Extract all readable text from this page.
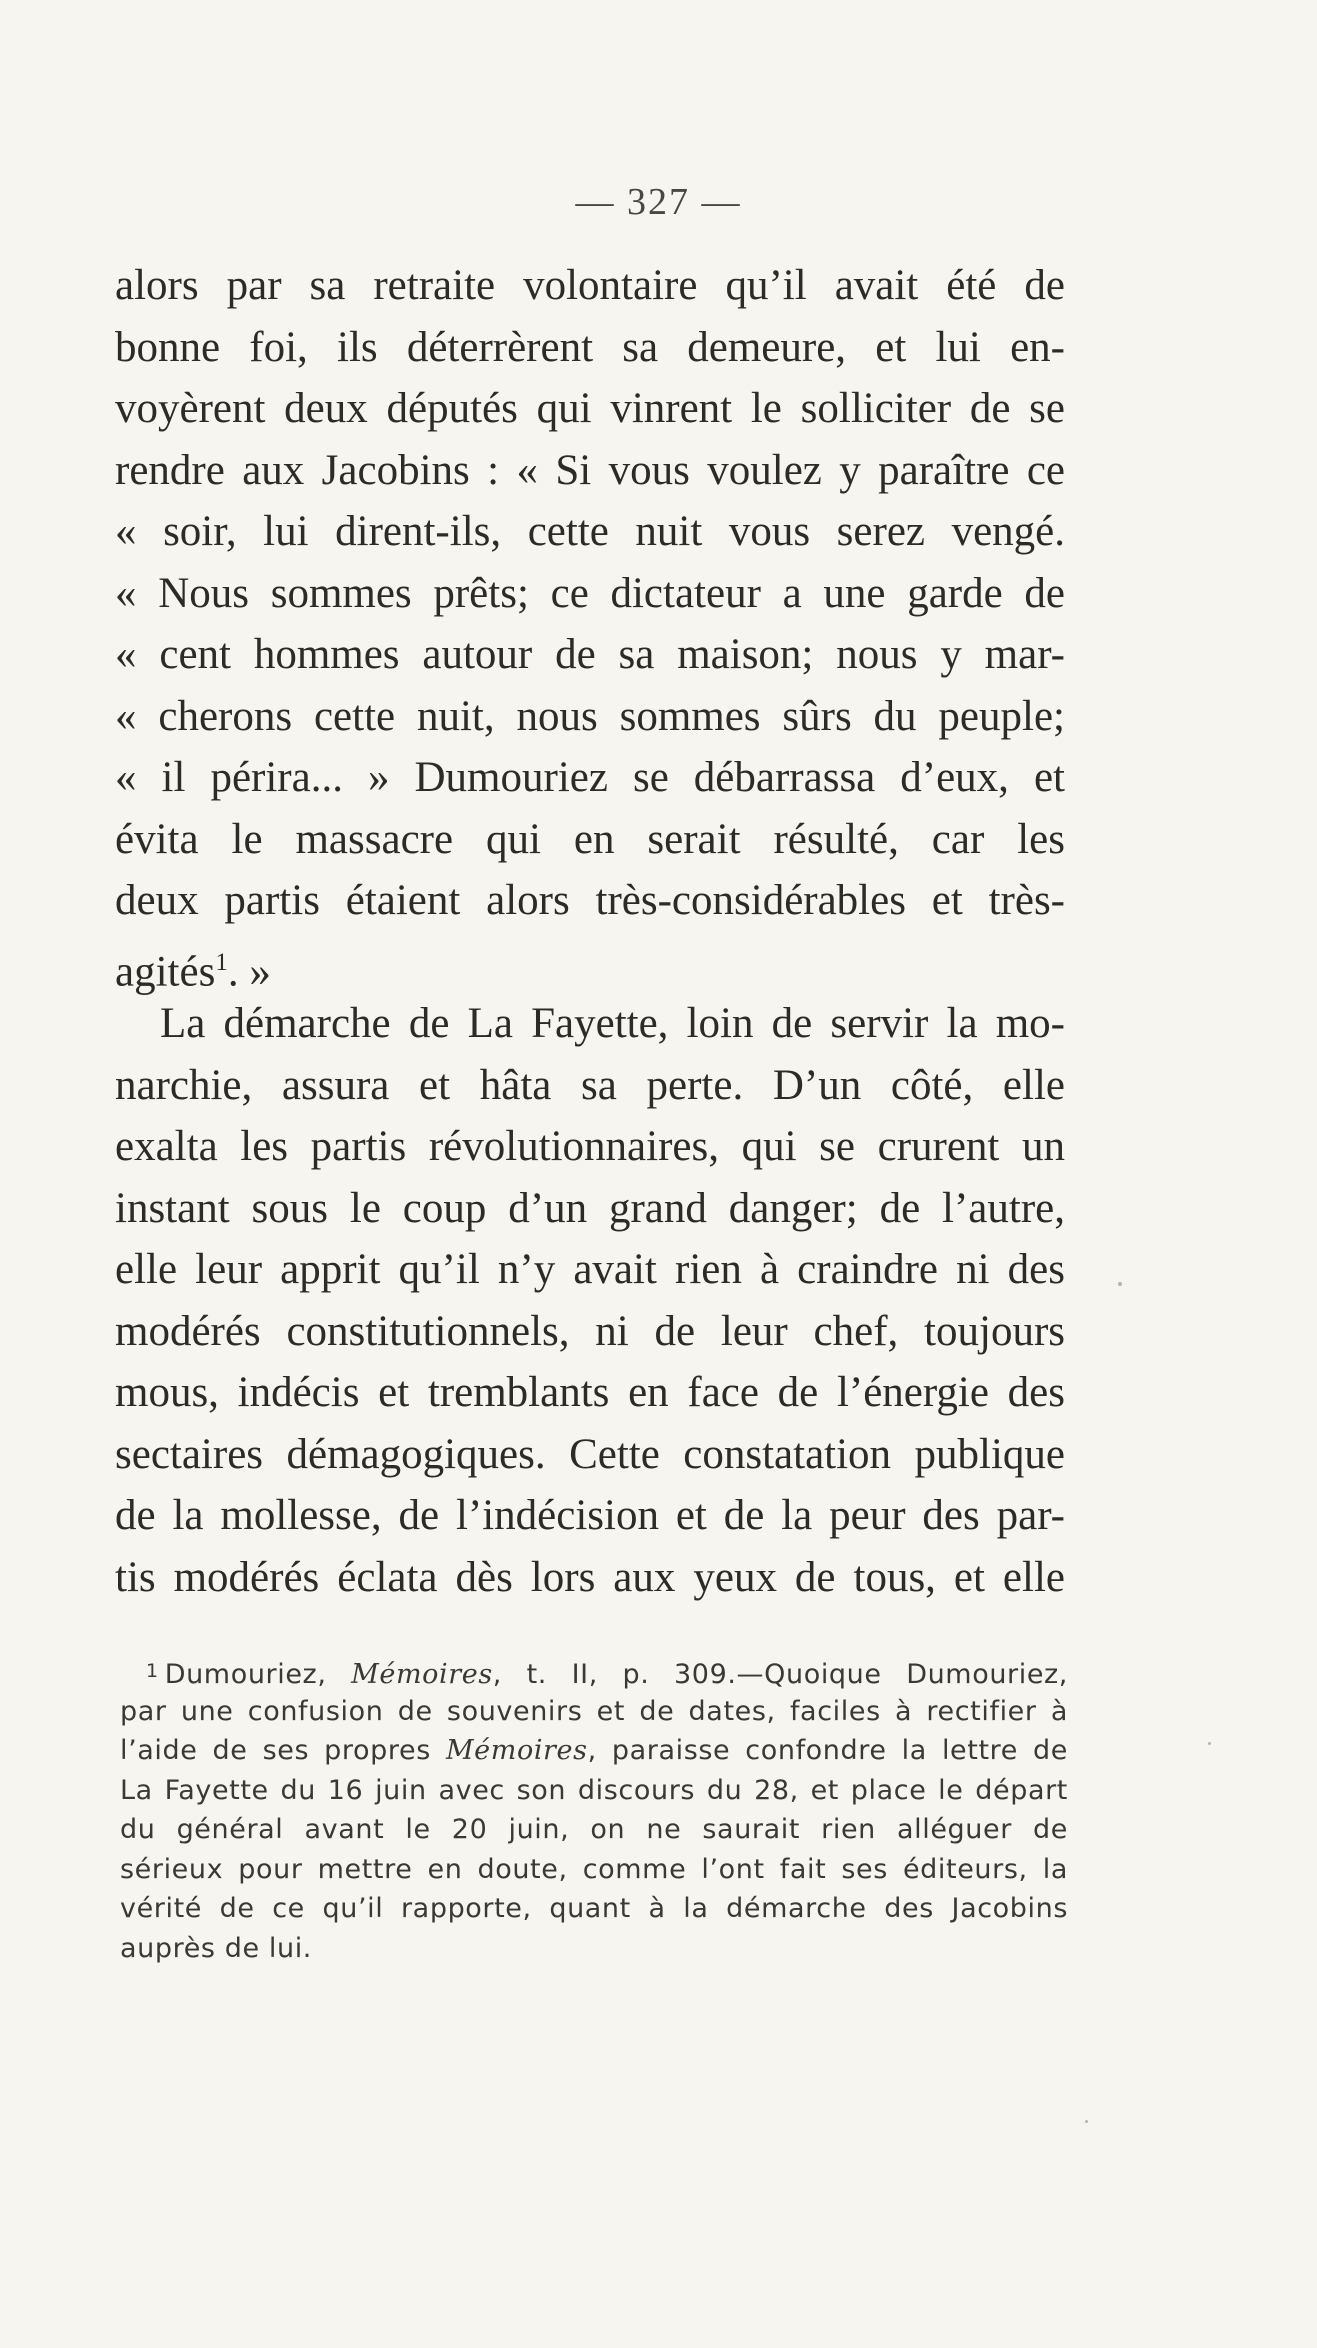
— 327 —
alors par sa retraite volontaire qu’il avait été de
bonne foi, ils déterrèrent sa demeure, et lui en-
voyèrent deux députés qui vinrent le solliciter de se
rendre aux Jacobins : « Si vous voulez y paraître ce
« soir, lui dirent-ils, cette nuit vous serez vengé.
« Nous sommes prêts; ce dictateur a une garde de
« cent hommes autour de sa maison; nous y mar-
« cherons cette nuit, nous sommes sûrs du peuple;
« il périra... » Dumouriez se débarrassa d’eux, et
évita le massacre qui en serait résulté, car les
deux partis étaient alors très-considérables et très-
agités$^1$. »
La démarche de La Fayette, loin de servir la mo-
narchie, assura et hâta sa perte. D’un côté, elle
exalta les partis révolutionnaires, qui se crurent un
instant sous le coup d’un grand danger; de l’autre,
elle leur apprit qu’il n’y avait rien à craindre ni des
modérés constitutionnels, ni de leur chef, toujours
mous, indécis et tremblants en face de l’énergie des
sectaires démagogiques. Cette constatation publique
de la mollesse, de l’indécision et de la peur des par-
tis modérés éclata dès lors aux yeux de tous, et elle
$^1$ Dumouriez, Mémoires, t. II, p. 309.—Quoique Dumouriez,
par une confusion de souvenirs et de dates, faciles à rectifier à
l’aide de ses propres Mémoires, paraisse confondre la lettre de
La Fayette du 16 juin avec son discours du 28, et place le départ
du général avant le 20 juin, on ne saurait rien alléguer de
sérieux pour mettre en doute, comme l’ont fait ses éditeurs, la
vérité de ce qu’il rapporte, quant à la démarche des Jacobins
auprès de lui.
